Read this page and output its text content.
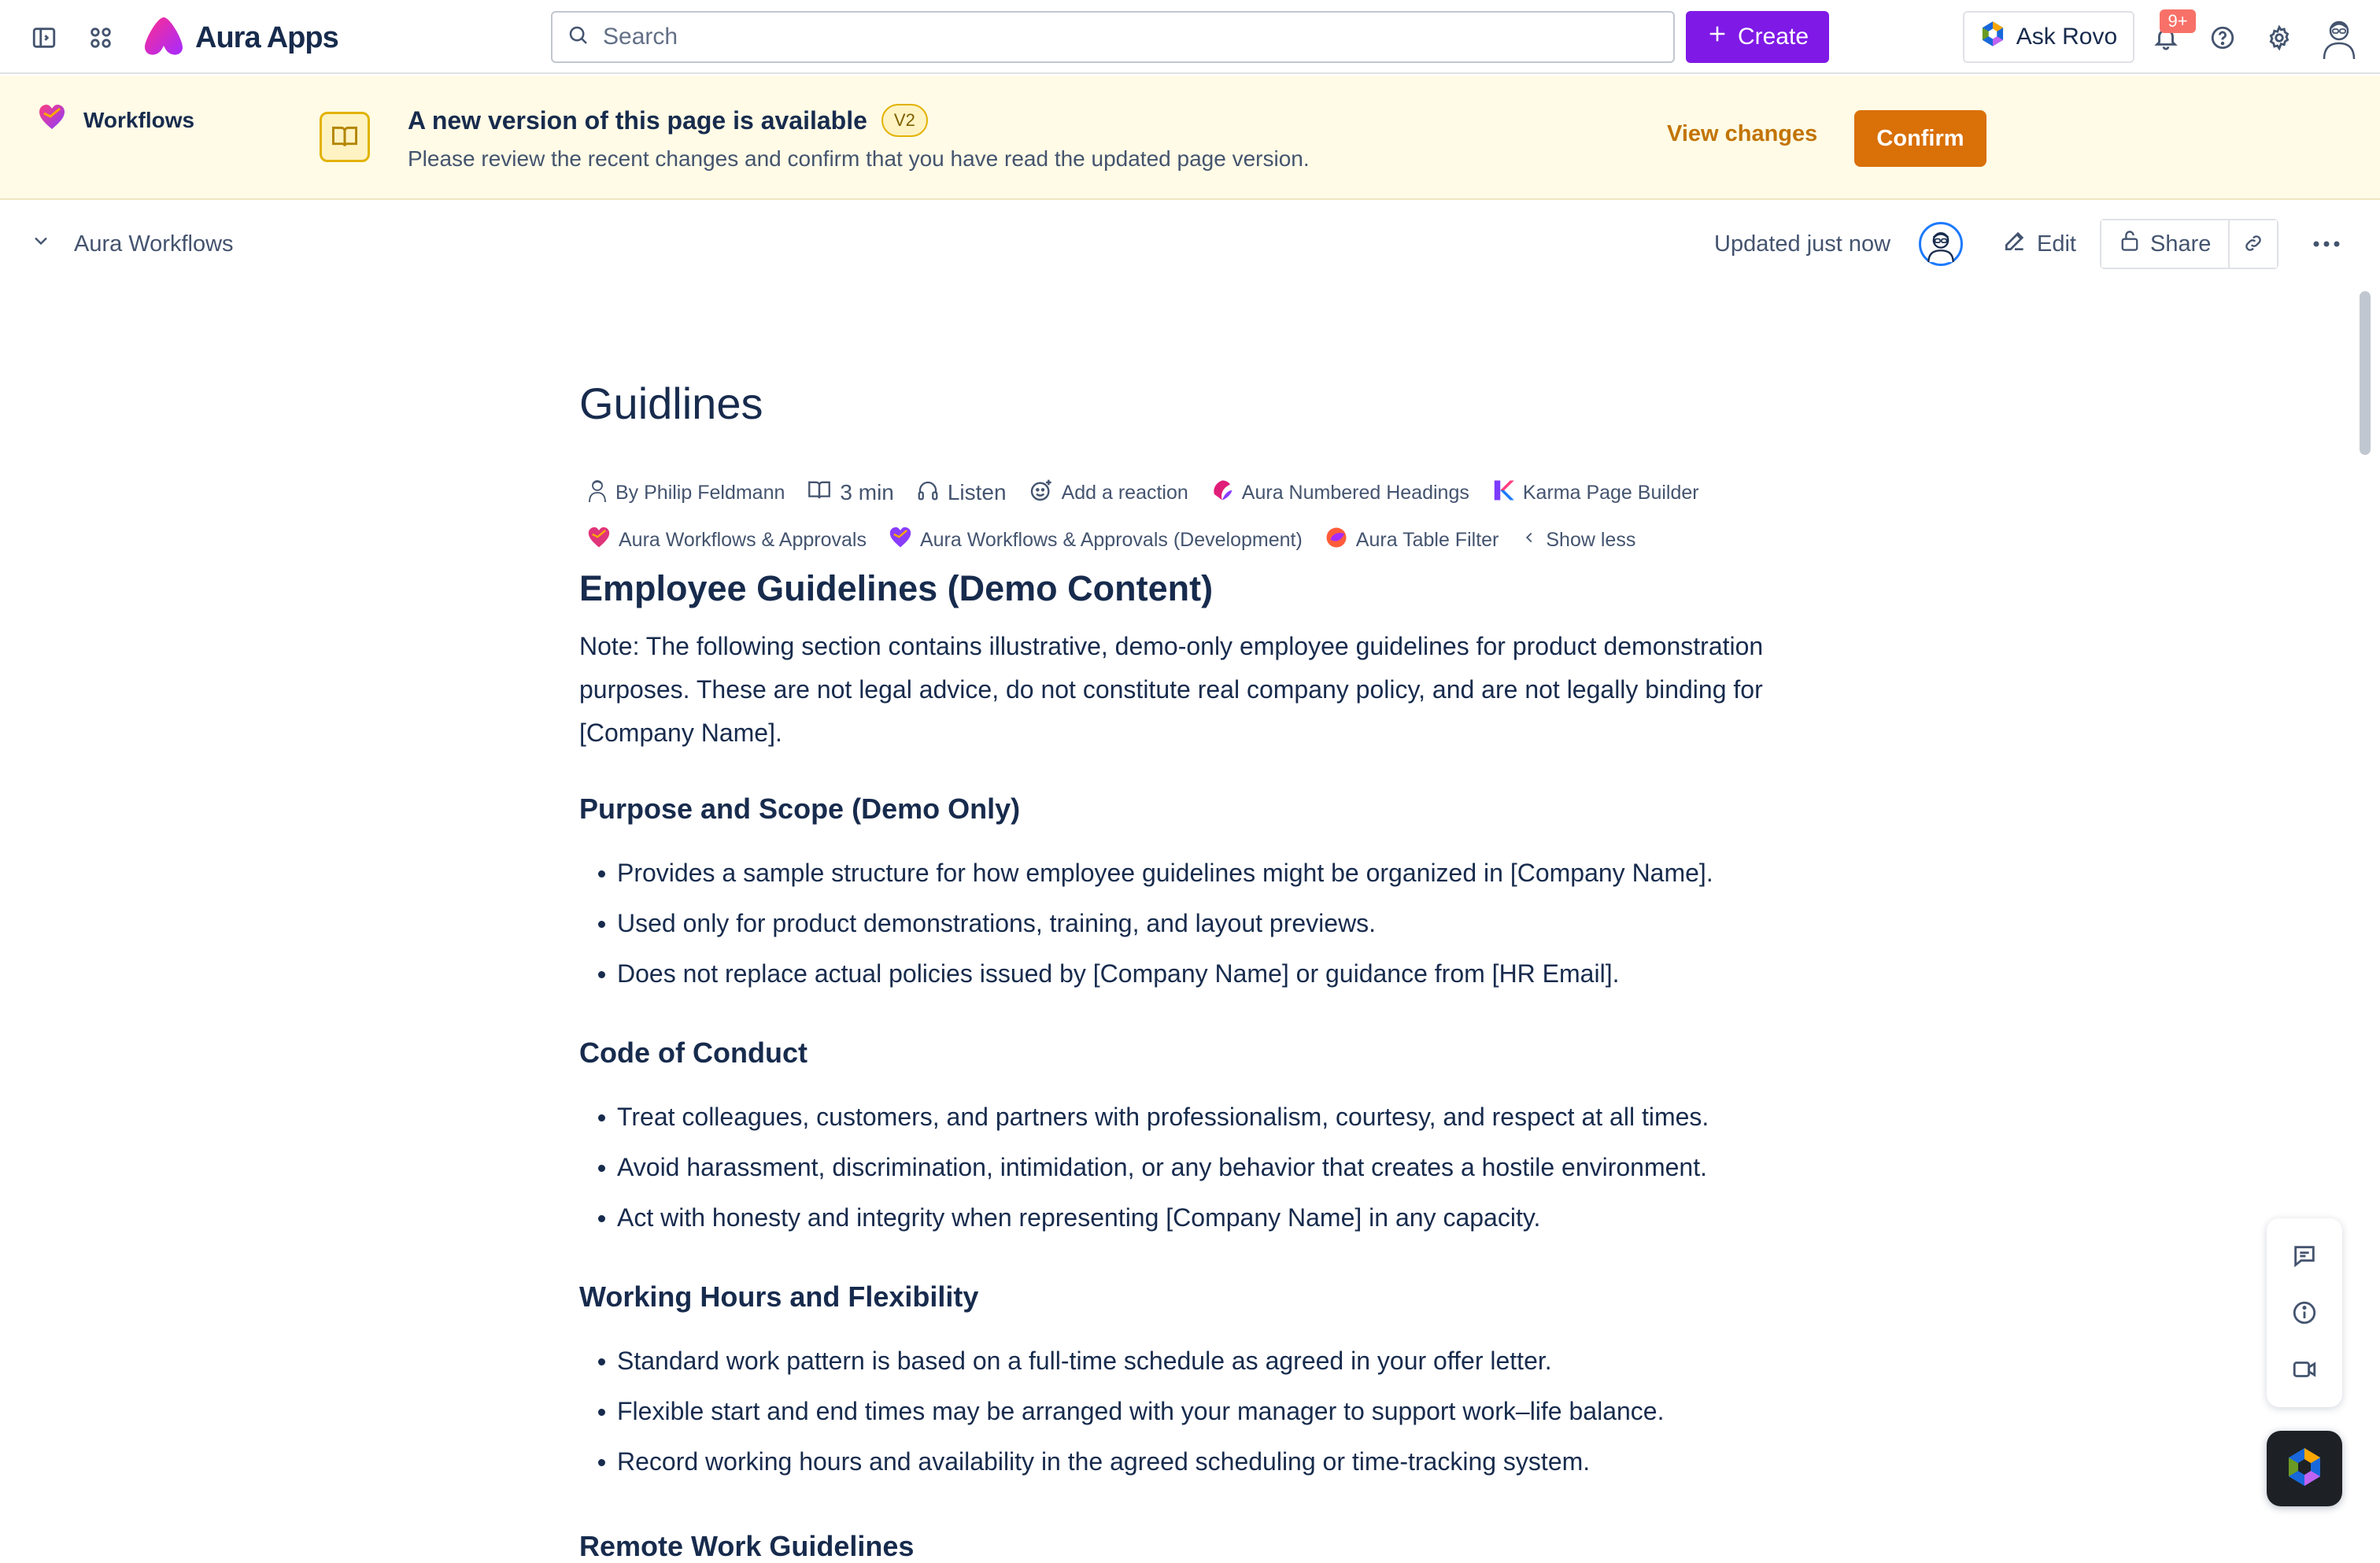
Aura Apps
Search	Create	Ask Rovo
9+
Workflows	A new version of this page is available	V2
Please review the recent changes and confirm that you have read the updated page version.
View changes	Confirm
Aura Workflows	Updated just now	Edit	Share
Guidlines
By Philip Feldmann	3 min Listen	Add a reaction	Aura Numbered Headings	Karma Page Builder
Aura Workflows & Approvals	Aura Workflows & Approvals (Development)	Aura Table Filter Show less
Employee Guidelines (Demo Content)

Note: The following section contains illustrative, demo-only employee guidelines for product demonstration purposes. These are not legal advice, do not constitute real company policy, and are not legally binding for [Company Name].

Purpose and Scope (Demo Only)
Provides a sample structure for how employee guidelines might be organized in [Company Name].
Used only for product demonstrations, training, and layout previews.
Does not replace actual policies issued by [Company Name] or guidance from [HR Email].
Code of Conduct
Treat colleagues, customers, and partners with professionalism, courtesy, and respect at all times.
Avoid harassment, discrimination, intimidation, or any behavior that creates a hostile environment.
Act with honesty and integrity when representing [Company Name] in any capacity.
Working Hours and Flexibility
Standard work pattern is based on a full-time schedule as agreed in your offer letter.
Flexible start and end times may be arranged with your manager to support work–life balance.
Record working hours and availability in the agreed scheduling or time-tracking system.
Remote Work Guidelines
